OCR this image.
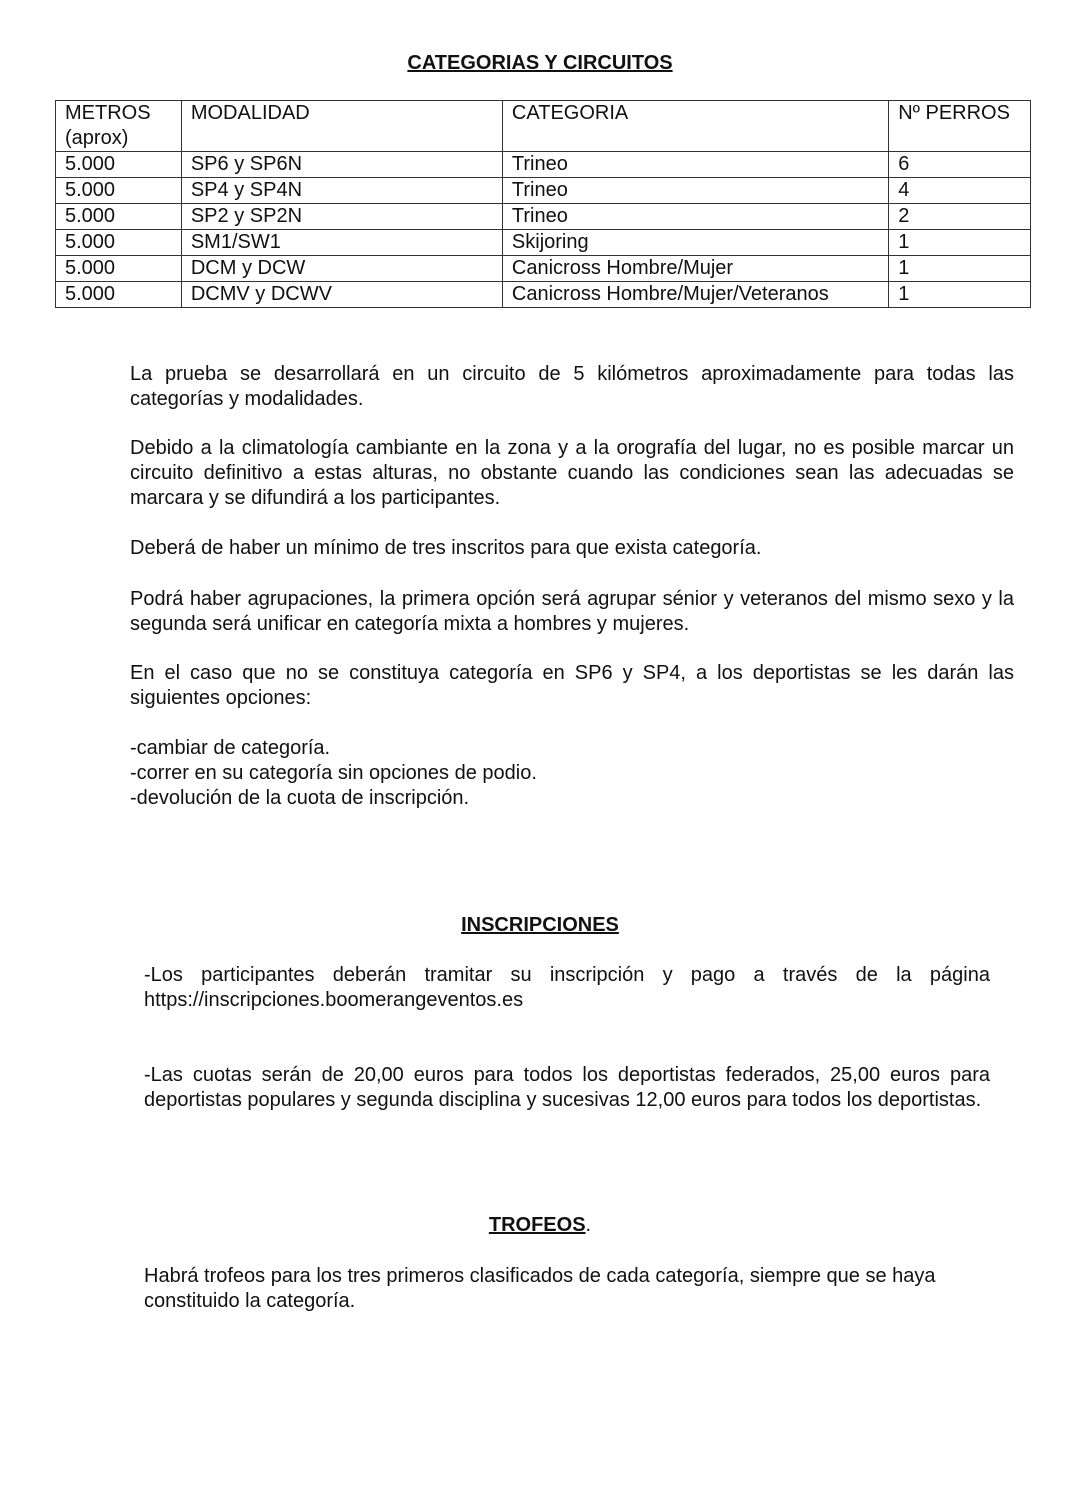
CATEGORIAS Y CIRCUITOS
METROS
(aprox)	MODALIDAD	CATEGORIA	Nº PERROS
5.000	SP6 y SP6N	Trineo	6
5.000	SP4 y SP4N	Trineo	4
5.000	SP2 y SP2N	Trineo	2
5.000	SM1/SW1	Skijoring	1
5.000	DCM y DCW	Canicross Hombre/Mujer	1
5.000	DCMV y DCWV	Canicross Hombre/Mujer/Veteranos	1

La prueba se desarrollará en un circuito de 5 kilómetros aproximadamente para todas las categorías y modalidades.

Debido a la climatología cambiante en la zona y a la orografía del lugar, no es posible marcar un circuito definitivo a estas alturas, no obstante cuando las condiciones sean las adecuadas se marcara y se difundirá a los participantes.

Deberá de haber un mínimo de tres inscritos para que exista categoría.

Podrá haber agrupaciones, la primera opción será agrupar sénior y veteranos del mismo sexo y la segunda será unificar en categoría mixta a hombres y mujeres.

En el caso que no se constituya categoría en SP6 y SP4, a los deportistas se les darán las siguientes opciones:

-cambiar de categoría.
-correr en su categoría sin opciones de podio.
-devolución de la cuota de inscripción.
INSCRIPCIONES

-Los participantes deberán tramitar su inscripción y pago a través de la página https://inscripciones.boomerangeventos.es

-Las cuotas serán de 20,00 euros para todos los deportistas federados, 25,00 euros para deportistas populares y segunda disciplina y sucesivas 12,00 euros para todos los deportistas.

TROFEOS.

Habrá trofeos para los tres primeros clasificados de cada categoría, siempre que se haya constituido la categoría.
